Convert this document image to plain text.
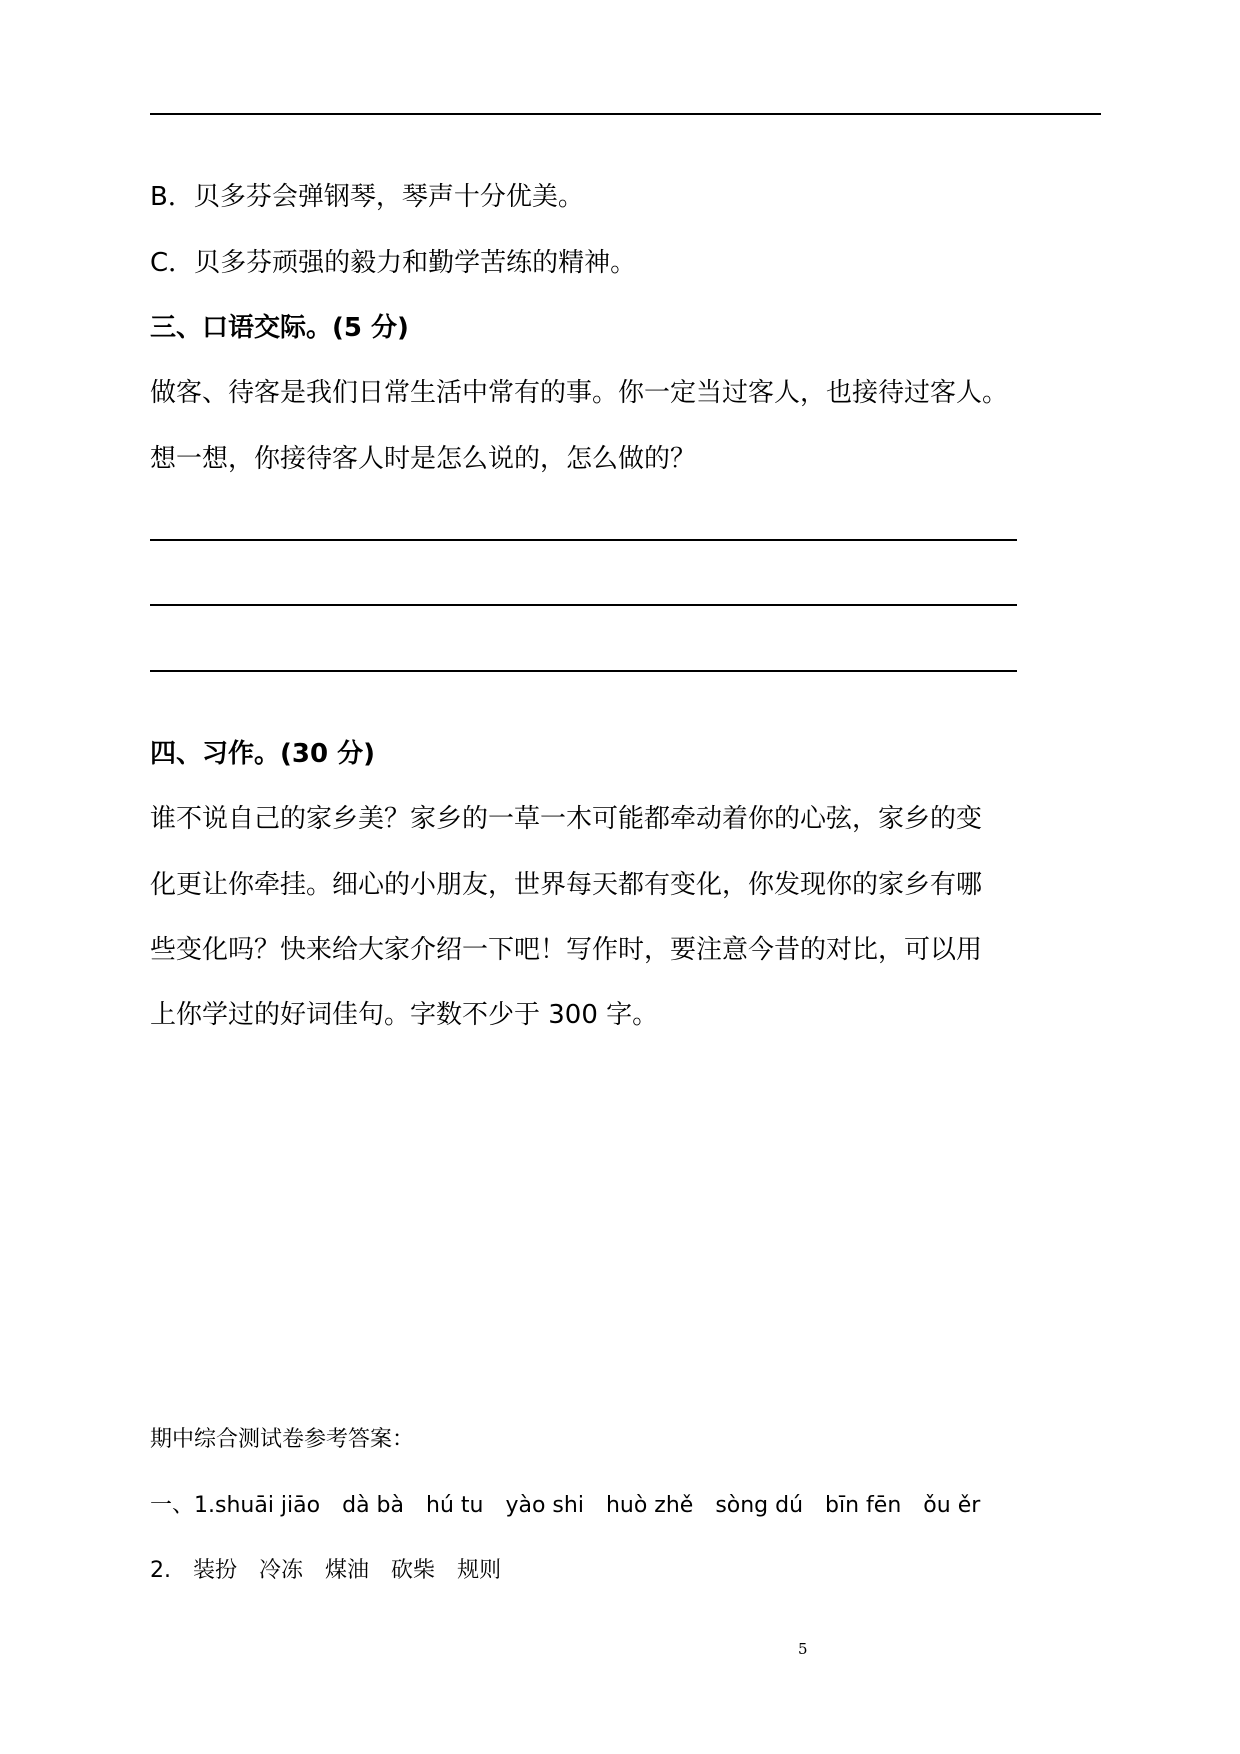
B．贝多芬会弹钢琴，琴声十分优美。
C．贝多芬顽强的毅力和勤学苦练的精神。
三、口语交际。(5 分)
做客、待客是我们日常生活中常有的事。你一定当过客人，也接待过客人。
想一想，你接待客人时是怎么说的，怎么做的？
四、习作。(30 分)
谁不说自己的家乡美？家乡的一草一木可能都牵动着你的心弦，家乡的变
化更让你牵挂。细心的小朋友，世界每天都有变化，你发现你的家乡有哪
些变化吗？快来给大家介绍一下吧！写作时，要注意今昔的对比，可以用
上你学过的好词佳句。字数不少于 300 字。
期中综合测试卷参考答案：
一、1.shuāi jiāo dà bà hú tu yào shi huò zhě sòng dú bīn fēn ǒu ěr
2. 装扮 冷冻 煤油 砍柴 规则
5
